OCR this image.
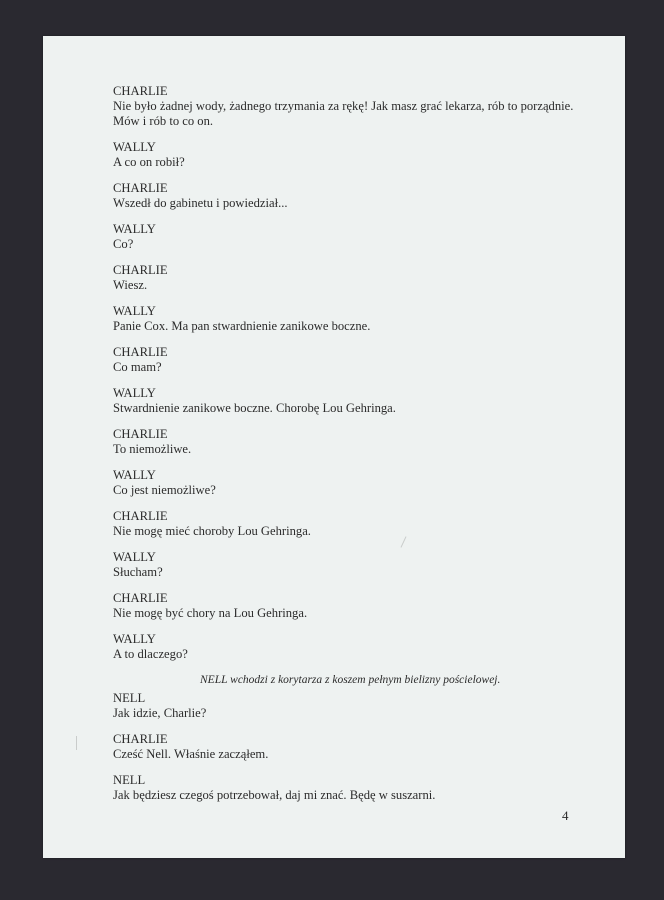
CHARLIE
Nie było żadnej wody, żadnego trzymania za rękę! Jak masz grać lekarza, rób to porządnie. Mów i rób to co on.
WALLY
A co on robił?
CHARLIE
Wszedł do gabinetu i powiedział...
WALLY
Co?
CHARLIE
Wiesz.
WALLY
Panie Cox. Ma pan stwardnienie zanikowe boczne.
CHARLIE
Co mam?
WALLY
Stwardnienie zanikowe boczne. Chorobę Lou Gehringa.
CHARLIE
To niemożliwe.
WALLY
Co jest niemożliwe?
CHARLIE
Nie mogę mieć choroby Lou Gehringa.
WALLY
Słucham?
CHARLIE
Nie mogę być chory na Lou Gehringa.
WALLY
A to dlaczego?
NELL wchodzi z korytarza z koszem pełnym bielizny pościelowej.
NELL
Jak idzie, Charlie?
CHARLIE
Cześć Nell. Właśnie zacząłem.
NELL
Jak będziesz czegoś potrzebował, daj mi znać. Będę w suszarni.
4
